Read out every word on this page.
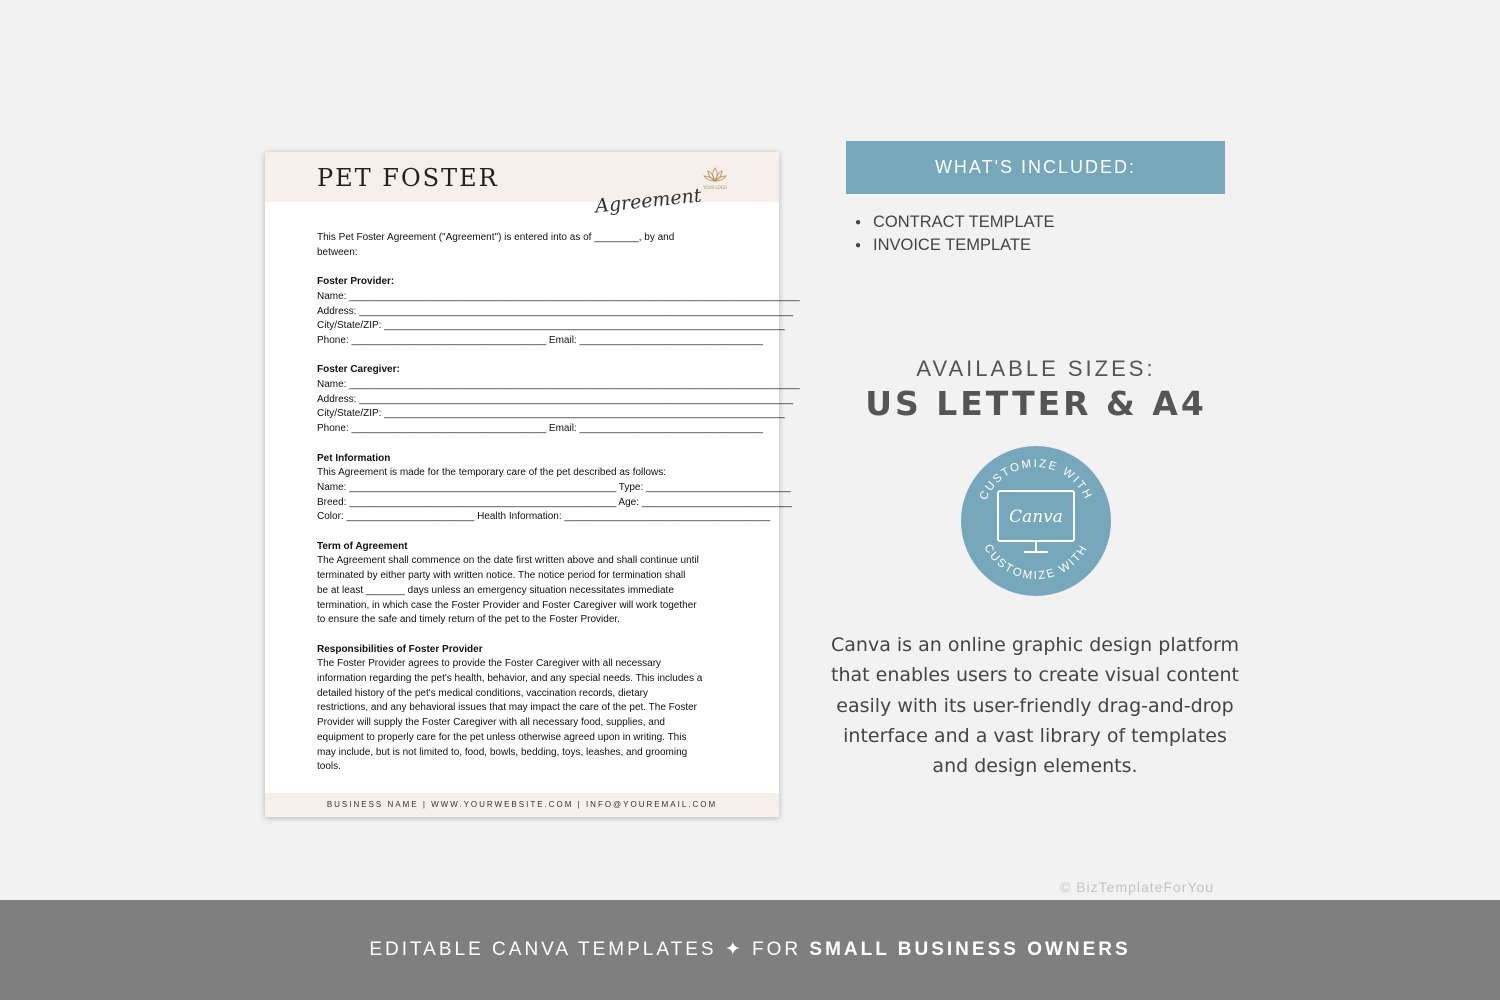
PET FOSTER
Agreement YOUR LOGO
This Pet Foster Agreement ("Agreement") is entered into as of ________, by and
between:
Foster Provider:
Name: _________________________________________________________________________________
Address: ______________________________________________________________________________
City/State/ZIP: ________________________________________________________________________
Phone: ___________________________________ Email: _________________________________
Foster Caregiver:
Name: _________________________________________________________________________________
Address: ______________________________________________________________________________
City/State/ZIP: ________________________________________________________________________
Phone: ___________________________________ Email: _________________________________
Pet Information
This Agreement is made for the temporary care of the pet described as follows:
Name: ________________________________________________ Type: __________________________
Breed: ________________________________________________ Age: ___________________________
Color: _______________________ Health Information: _____________________________________
Term of Agreement
The Agreement shall commence on the date first written above and shall continue until
terminated by either party with written notice. The notice period for termination shall
be at least _______ days unless an emergency situation necessitates immediate
termination, in which case the Foster Provider and Foster Caregiver will work together
to ensure the safe and timely return of the pet to the Foster Provider.
Responsibilities of Foster Provider
The Foster Provider agrees to provide the Foster Caregiver with all necessary
information regarding the pet's health, behavior, and any special needs. This includes a
detailed history of the pet's medical conditions, vaccination records, dietary
restrictions, and any behavioral issues that may impact the care of the pet. The Foster
Provider will supply the Foster Caregiver with all necessary food, supplies, and
equipment to properly care for the pet unless otherwise agreed upon in writing. This
may include, but is not limited to, food, bowls, bedding, toys, leashes, and grooming
tools.
BUSINESS NAME | WWW.YOURWEBSITE.COM | INFO@YOUREMAIL.COM
WHAT'S INCLUDED:
● CONTRACT TEMPLATE
● INVOICE TEMPLATE
AVAILABLE SIZES:
US LETTER & A4
CUSTOMIZE WITH
CUSTOMIZE WITH
Canva
Canva is an online graphic design platform
that enables users to create visual content
easily with its user-friendly drag-and-drop
interface and a vast library of templates
and design elements.
© BizTemplateForYou
EDITABLE CANVA TEMPLATES ✦ FOR SMALL BUSINESS OWNERS
